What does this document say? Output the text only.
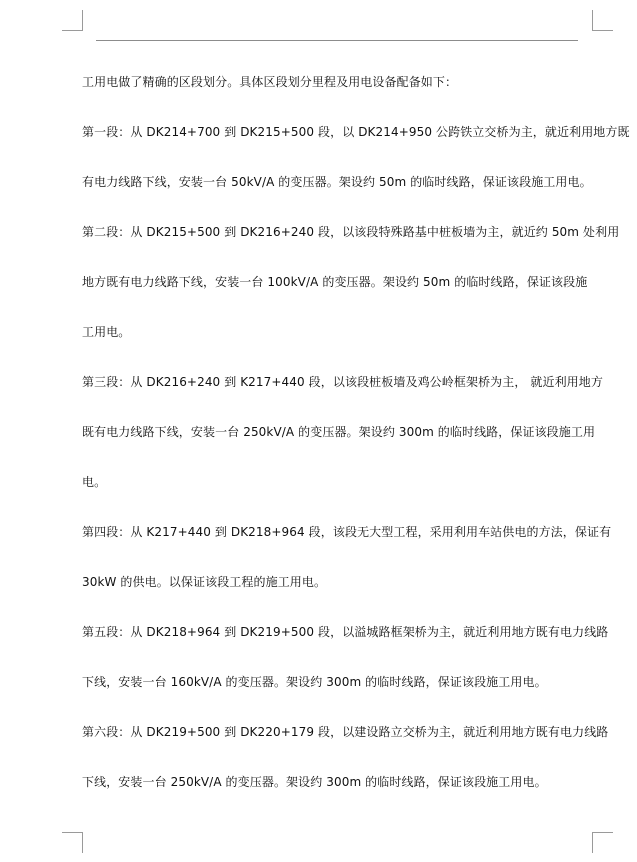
工用电做了精确的区段划分。具体区段划分里程及用电设备配备如下：
第一段：从 DK214+700 到 DK215+500 段，以 DK214+950 公跨铁立交桥为主，就近利用地方既
有电力线路下线，安装一台 50kV/A 的变压器。架设约 50m 的临时线路，保证该段施工用电。
第二段：从 DK215+500 到 DK216+240 段，以该段特殊路基中桩板墙为主，就近约 50m 处利用
地方既有电力线路下线，安装一台 100kV/A 的变压器。架设约 50m 的临时线路，保证该段施
工用电。
第三段：从 DK216+240 到 K217+440 段，以该段桩板墙及鸡公岭框架桥为主， 就近利用地方
既有电力线路下线，安装一台 250kV/A 的变压器。架设约 300m 的临时线路，保证该段施工用
电。
第四段：从 K217+440 到 DK218+964 段，该段无大型工程，采用利用车站供电的方法，保证有
30kW 的供电。以保证该段工程的施工用电。
第五段：从 DK218+964 到 DK219+500 段，以溢城路框架桥为主，就近利用地方既有电力线路
下线，安装一台 160kV/A 的变压器。架设约 300m 的临时线路，保证该段施工用电。
第六段：从 DK219+500 到 DK220+179 段，以建设路立交桥为主，就近利用地方既有电力线路
下线，安装一台 250kV/A 的变压器。架设约 300m 的临时线路，保证该段施工用电。
